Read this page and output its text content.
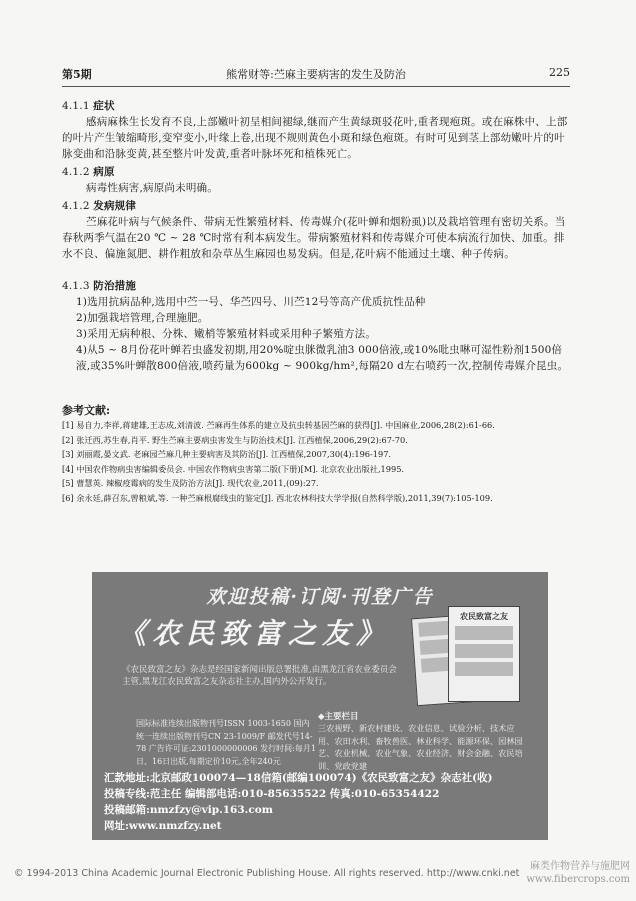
第5期	熊常财等:苎麻主要病害的发生及防治	225
4.1.1 症状

感病麻株生长发育不良,上部嫩叶初呈相间褪绿,继而产生黄绿斑驳花叶,重者现疱斑。或在麻株中、上部的叶片产生皱缩畸形,变窄变小,叶缘上卷,出现不规则黄色小斑和绿色疱斑。有时可见到茎上部幼嫩叶片的叶脉变曲和沿脉变黄,甚至整片叶发黄,重者叶脉坏死和植株死亡。

4.1.2 病原

病毒性病害,病原尚未明确。

4.1.2 发病规律

苎麻花叶病与气候条件、带病无性繁殖材料、传毒媒介(花叶蝉和烟粉虱)以及栽培管理有密切关系。当春秋两季气温在20 ℃ ~ 28 ℃时常有利本病发生。带病繁殖材料和传毒媒介可使本病流行加快、加重。排水不良、偏施氮肥、耕作粗放和杂草丛生麻园也易发病。但是,花叶病不能通过土壤、种子传病。

4.1.3 防治措施
1)选用抗病品种,选用中苎一号、华苎四号、川苎12号等高产优质抗性品种
2)加强栽培管理,合理施肥。
3)采用无病种根、分株、嫩梢等繁殖材料或采用种子繁殖方法。
4)从5 ~ 8月份花叶蝉若虫盛发初期,用20%啶虫脒微乳油3 000倍液,或10%吡虫啉可湿性粉剂1500倍液,或35%叶蝉散800倍液,喷药量为600kg ~ 900kg/hm²,每隔20 d左右喷药一次,控制传毒媒介昆虫。
参考文献:
[1] 易自力,李祥,蒋建雄,王志成,刘清波. 苎麻再生体系的建立及抗虫转基因苎麻的获得[J]. 中国麻业,2006,28(2):61-66.
[2] 张迁西,苏生春,肖平. 野生苎麻主要病虫害发生与防治技术[J]. 江西植保,2006,29(2):67-70.
[3] 刘丽霞,晏文武. 老麻园苎麻几种主要病害及其防治[J]. 江西植保,2007,30(4):196-197.
[4] 中国农作物病虫害编辑委员会. 中国农作物病虫害第二版(下册)[M]. 北京农业出版社,1995.
[5] 曹慧英. 辣椒疫霉病的发生及防治方法[J]. 现代农业,2011,(09):27.
[6] 余永廷,薛召东,曾粮斌,等. 一种苎麻根腐线虫的鉴定[J]. 西北农林科技大学学报(自然科学版),2011,39(7):105-109.
欢迎投稿·订阅·刊登广告
《农民致富之友》
农民致富之友
《农民致富之友》杂志是经国家新闻出版总署批准,由黑龙江省农业委员会主管,黑龙江农民致富之友杂志社主办,国内外公开发行。
国际标准连续出版物刊号ISSN 1003-1650 国内统一连续出版物刊号CN 23-1009/F 邮发代号14-78 广告许可证:2301000000006 发行时间:每月1日、16日出版,每期定价10元,全年240元
◆主要栏目
三农视野、新农村建设、农业信息、试验分析、技术应用、农田水利、畜牧兽医、林业科学、能源环保、园林园艺、农业机械、农业气象、农业经济、财会金融、农民培训、党政党建
汇款地址:北京邮政100074—18信箱(邮编100074)《农民致富之友》杂志社(收)
投稿专线:范主任 编辑部电话:010-85635522 传真:010-65354422
投稿邮箱:nmzfzy@vip.163.com
网址:www.nmzfzy.net
© 1994-2013 China Academic Journal Electronic Publishing House. All rights reserved. http://www.cnki.net
麻类作物营养与施肥网
www.fibercrops.com
